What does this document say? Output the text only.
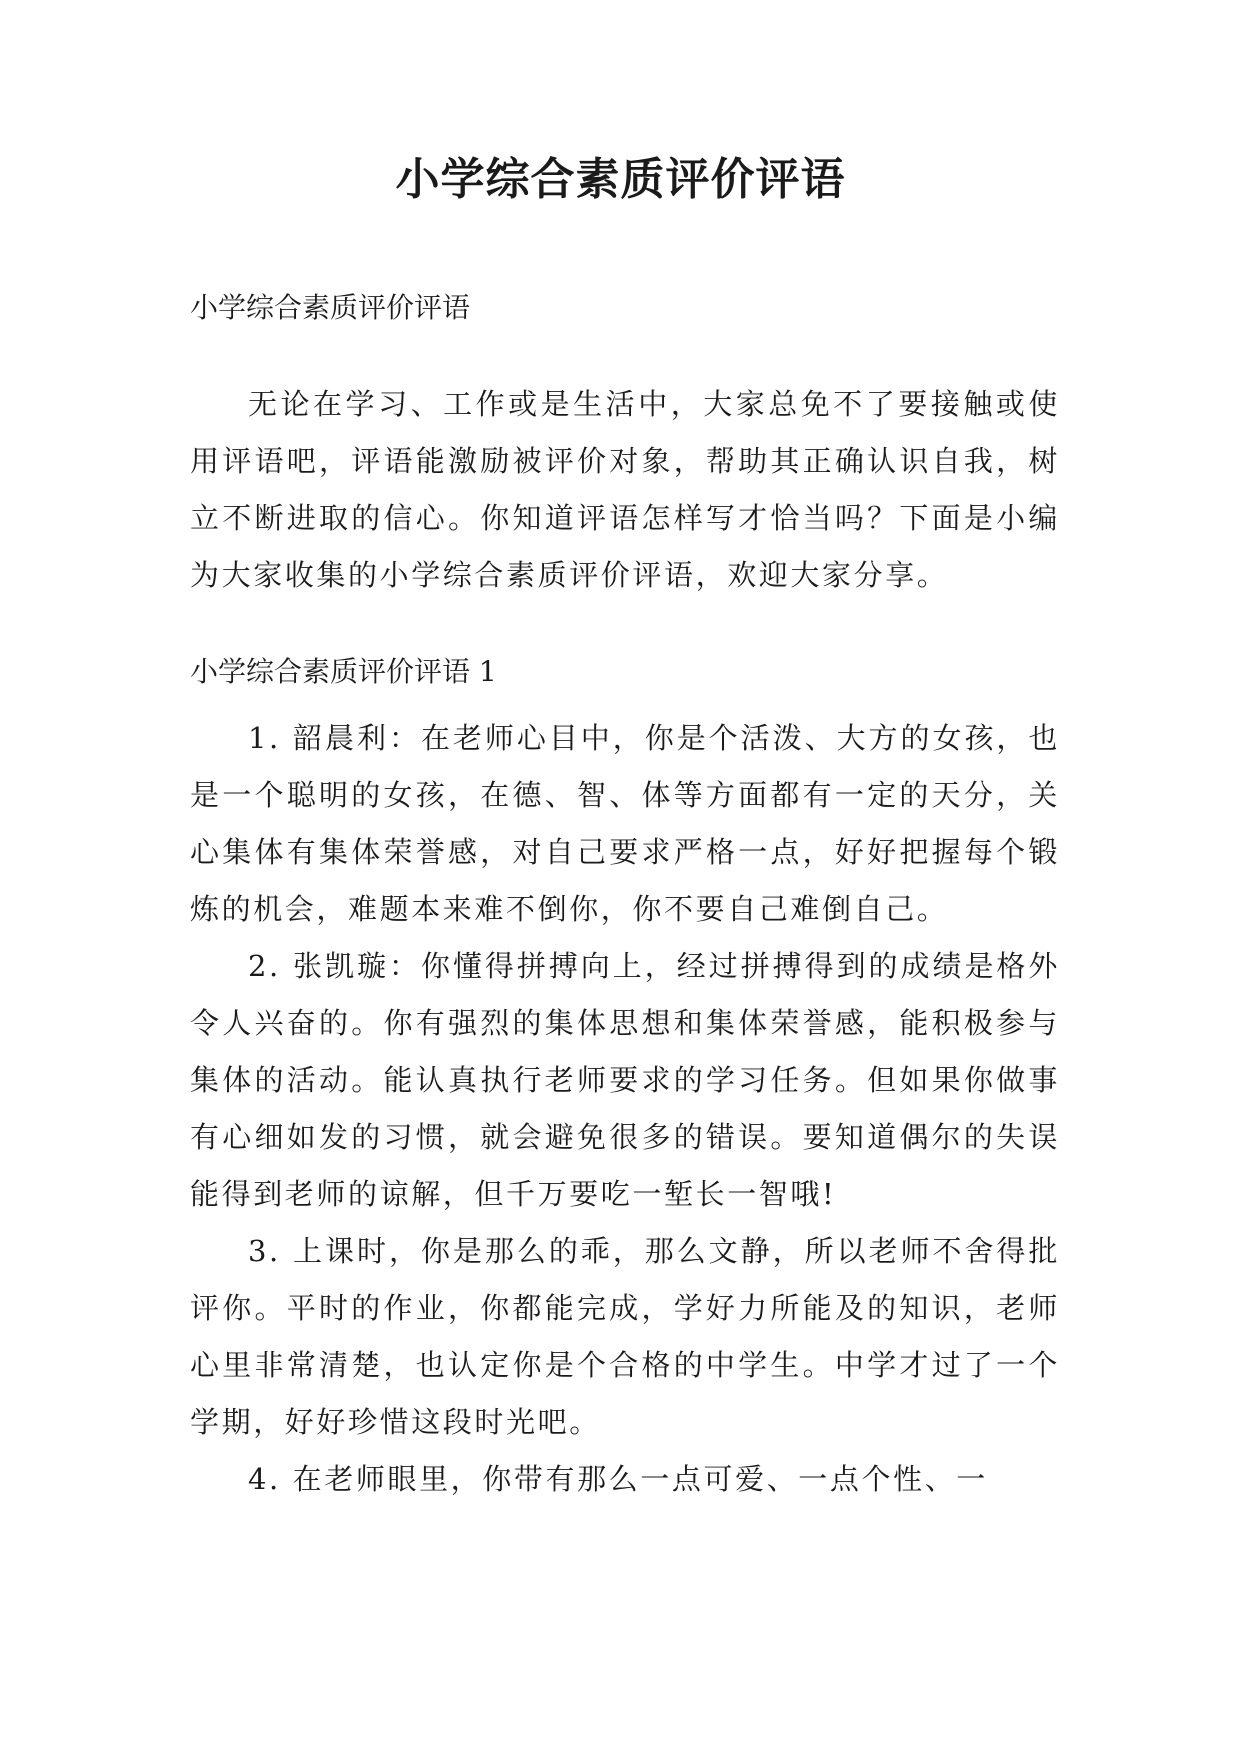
小学综合素质评价评语

小学综合素质评价评语

无论在学习、工作或是生活中，大家总免不了要接触或使用评语吧，评语能激励被评价对象，帮助其正确认识自我，树立不断进取的信心。你知道评语怎样写才恰当吗？下面是小编为大家收集的小学综合素质评价评语，欢迎大家分享。

小学综合素质评价评语 1

1. 韶晨利：在老师心目中，你是个活泼、大方的女孩，也是一个聪明的女孩，在德、智、体等方面都有一定的天分，关心集体有集体荣誉感，对自己要求严格一点，好好把握每个锻炼的机会，难题本来难不倒你，你不要自己难倒自己。

2. 张凯璇：你懂得拼搏向上，经过拼搏得到的成绩是格外令人兴奋的。你有强烈的集体思想和集体荣誉感，能积极参与集体的活动。能认真执行老师要求的学习任务。但如果你做事有心细如发的习惯，就会避免很多的错误。要知道偶尔的失误能得到老师的谅解，但千万要吃一堑长一智哦!

3. 上课时，你是那么的乖，那么文静，所以老师不舍得批评你。平时的作业，你都能完成，学好力所能及的知识，老师心里非常清楚，也认定你是个合格的中学生。中学才过了一个学期，好好珍惜这段时光吧。

4. 在老师眼里，你带有那么一点可爱、一点个性、一
